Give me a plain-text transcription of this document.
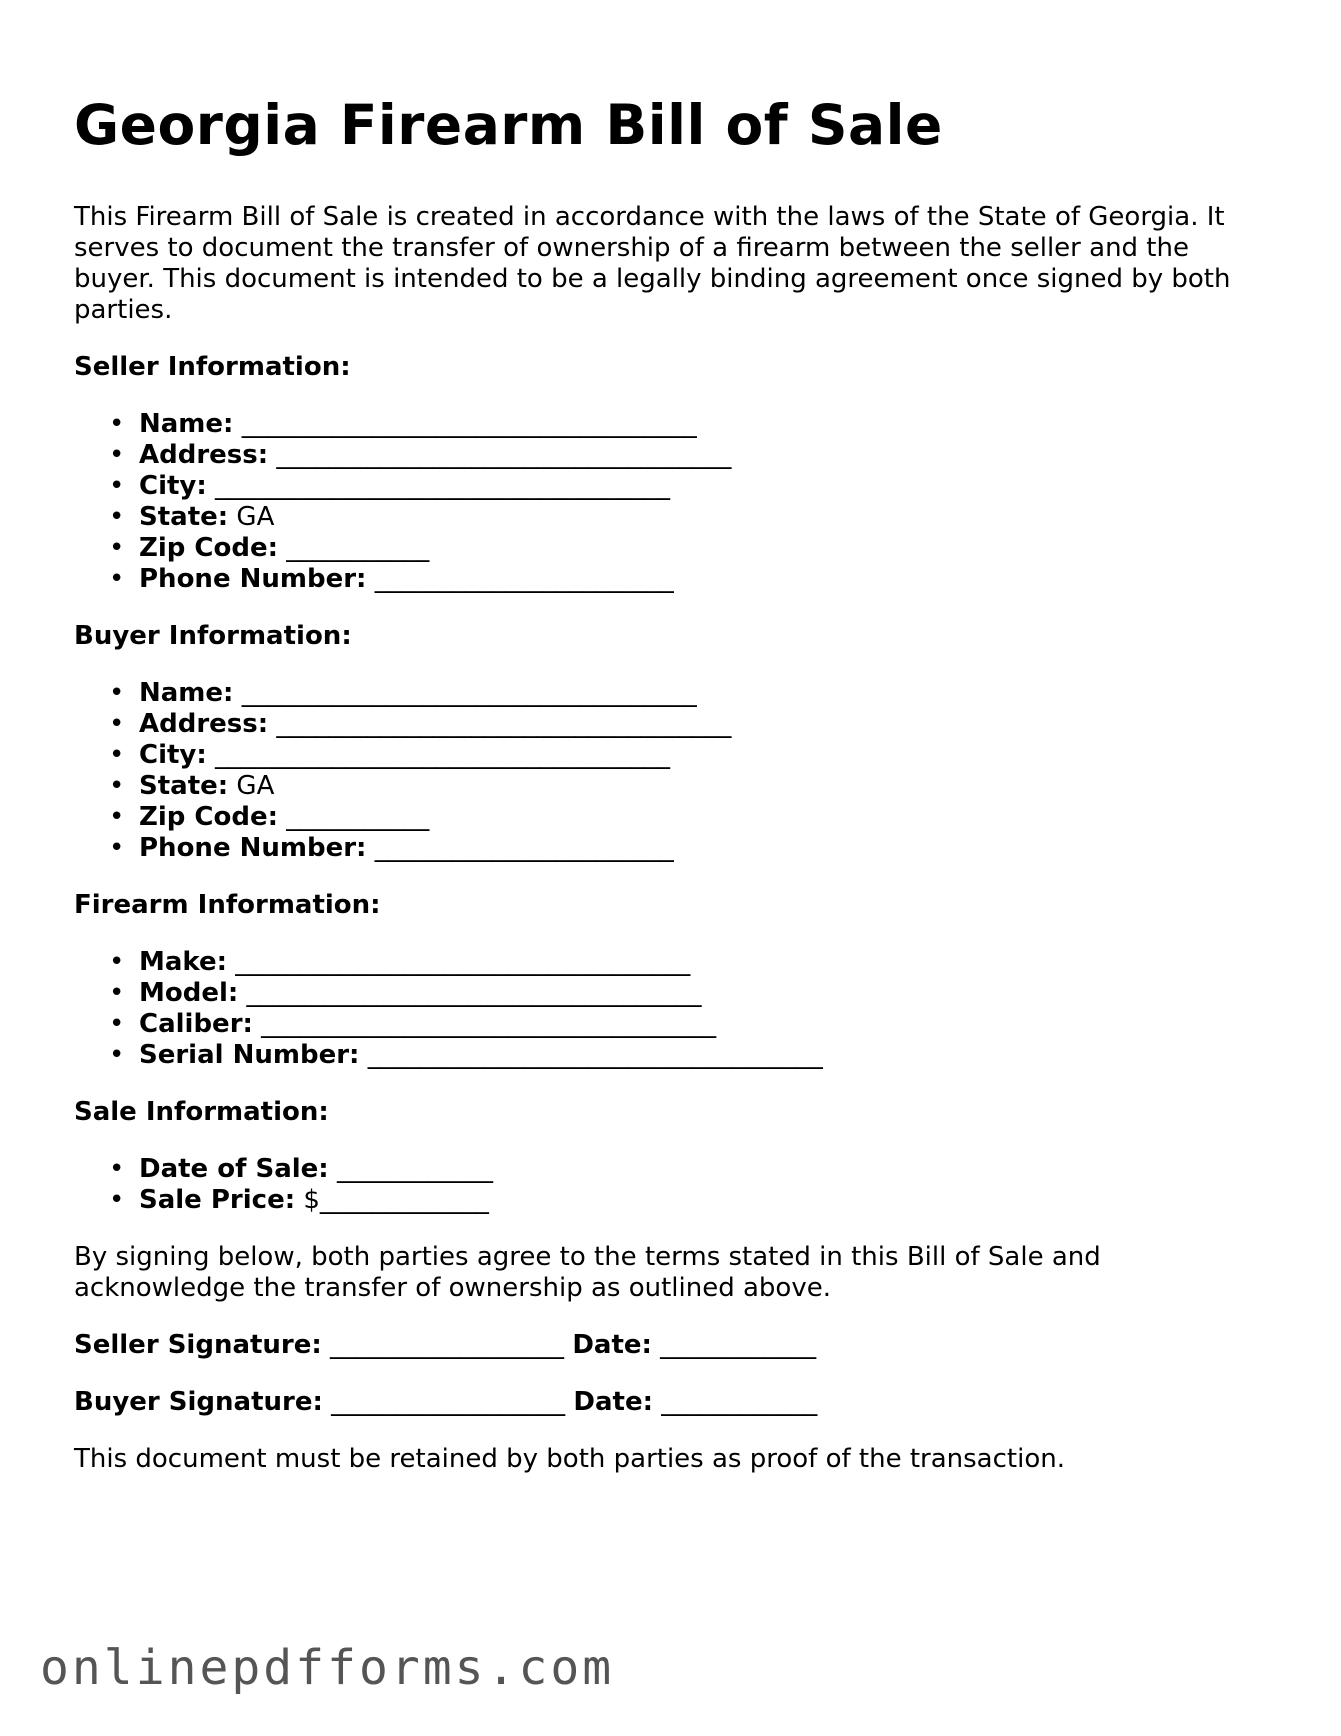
Georgia Firearm Bill of Sale

This Firearm Bill of Sale is created in accordance with the laws of the State of Georgia. It serves to document the transfer of ownership of a firearm between the seller and the buyer. This document is intended to be a legally binding agreement once signed by both parties.

Seller Information:
• Name: ___________________________________
• Address: ___________________________________
• City: ___________________________________
• State: GA
• Zip Code: ___________
• Phone Number: _______________________
Buyer Information:
• Name: ___________________________________
• Address: ___________________________________
• City: ___________________________________
• State: GA
• Zip Code: ___________
• Phone Number: _______________________
Firearm Information:
• Make: ___________________________________
• Model: ___________________________________
• Caliber: ___________________________________
• Serial Number: ___________________________________
Sale Information:
• Date of Sale: ____________
• Sale Price: $_____________

By signing below, both parties agree to the terms stated in this Bill of Sale and acknowledge the transfer of ownership as outlined above.

Seller Signature: __________________ Date: ____________
Buyer Signature: __________________ Date: ____________

This document must be retained by both parties as proof of the transaction.

onlinepdfforms.com
